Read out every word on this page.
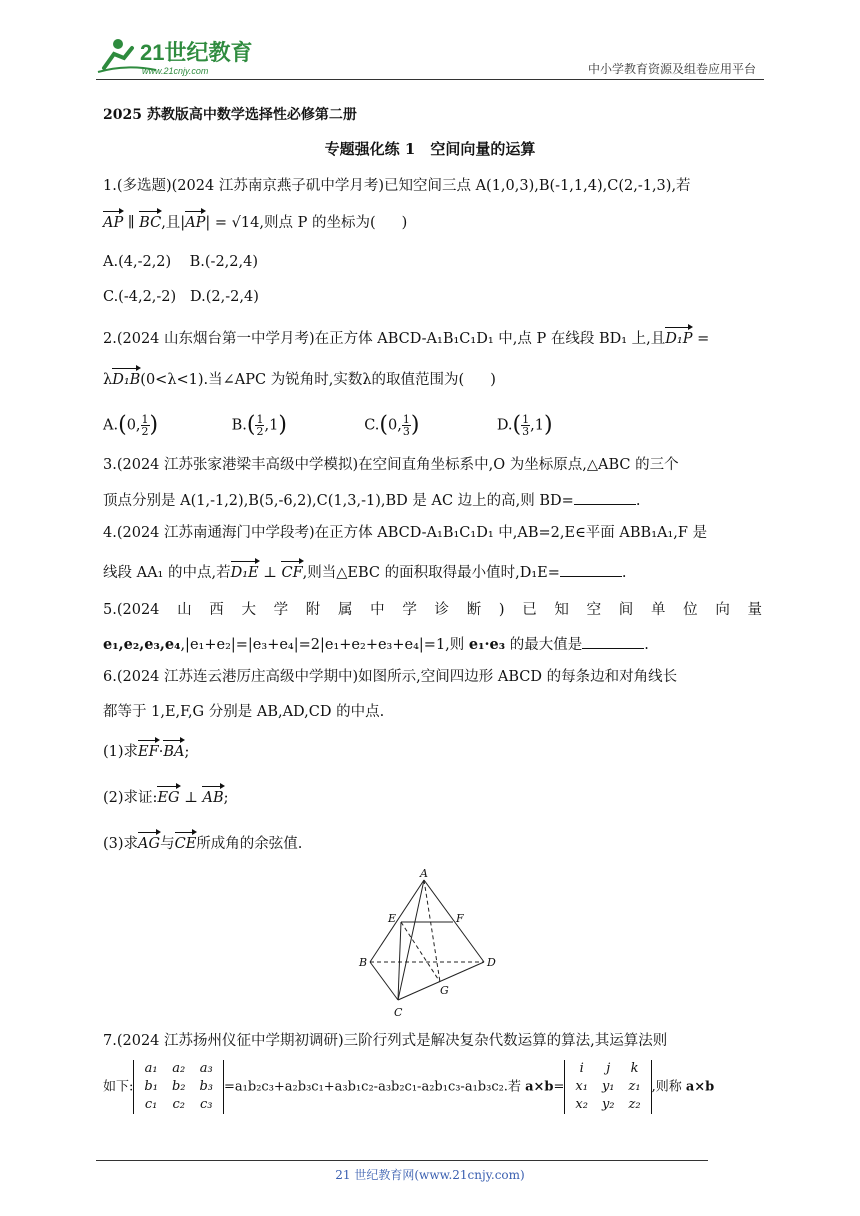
21世纪教育
www.21cnjy.com	中小学教育资源及组卷应用平台
2025 苏教版高中数学选择性必修第二册
专题强化练 1　空间向量的运算
1.(多选题)(2024 江苏南京燕子矶中学月考)已知空间三点 A(1,0,3),B(-1,1,4),C(2,-1,3),若
AP ∥ BC,且|AP| = √14,则点 P 的坐标为( )
A.(4,-2,2) B.(-2,2,4)
C.(-4,2,-2) D.(2,-2,4)
2.(2024 山东烟台第一中学月考)在正方体 ABCD-A₁B₁C₁D₁ 中,点 P 在线段 BD₁ 上,且D₁P =
λD₁B(0<λ<1).当∠APC 为锐角时,实数λ的取值范围为( )
A.(0, $\frac{1}{2}$ )	$B.( \frac{1}{2} ,1)$	C.(0, $\frac{1}{3}$ )	$D.( \frac{1}{3} ,1)$
3.(2024 江苏张家港梁丰高级中学模拟)在空间直角坐标系中,O 为坐标原点,△ABC 的三个
顶点分别是 A(1,-1,2),B(5,-6,2),C(1,3,-1),BD 是 AC 边上的高,则 BD=	.
4.(2024 江苏南通海门中学段考)在正方体 ABCD-A₁B₁C₁D₁ 中,AB=2,E∈平面 ABB₁A₁,F 是
线段 AA₁ 的中点,若D₁E ⊥ CF,则当△EBC 的面积取得最小值时,D₁E=	.
5.(2024　山　西　大　学　附　属　中　学　诊　断　)　已　知　空　间　单　位　向　量
e₁,e₂,e₃,e₄,|e₁+e₂|=|e₃+e₄|=2|e₁+e₂+e₃+e₄|=1,则 e₁·e₃ 的最大值是	.
6.(2024 江苏连云港厉庄高级中学期中)如图所示,空间四边形 ABCD 的每条边和对角线长
都等于 1,E,F,G 分别是 AB,AD,CD 的中点.
(1)求EF·BA;
(2)求证:EG ⊥ AB;
(3)求AG与CE所成角的余弦值.
A
E	F
B	D
G
C
7.(2024 江苏扬州仪征中学期初调研)三阶行列式是解决复杂代数运算的算法,其运算法则
如下:
a₁	a₂	a₃
b₁	b₂	b₃
c₁	c₂	c₃
=a₁b₂c₃+a₂b₃c₁+a₃b₁c₂-a₃b₂c₁-a₂b₁c₃-a₁b₃c₂.若 a×b=
i	j	k
x₁	y₁	z₁
x₂	y₂	z₂
,则称 a×b
21 世纪教育网(www.21cnjy.com)
